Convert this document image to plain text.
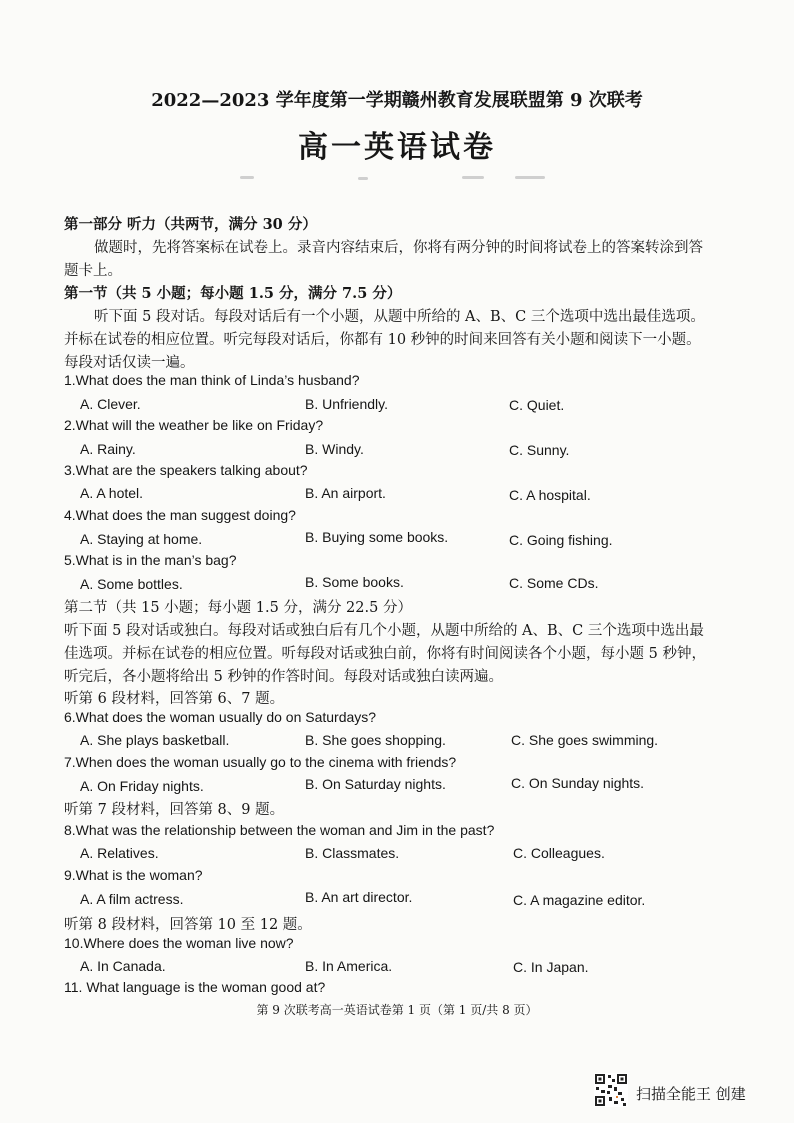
2022—2023 学年度第一学期赣州教育发展联盟第 9 次联考
高一英语试卷
第一部分 听力（共两节，满分 30 分）
做题时，先将答案标在试卷上。录音内容结束后，你将有两分钟的时间将试卷上的答案转涂到答
题卡上。
第一节（共 5 小题；每小题 1.5 分，满分 7.5 分）
听下面 5 段对话。每段对话后有一个小题，从题中所给的 A、B、C 三个选项中选出最佳选项。
并标在试卷的相应位置。听完每段对话后，你都有 10 秒钟的时间来回答有关小题和阅读下一小题。
每段对话仅读一遍。
1.What does the man think of Linda’s husband?
A. Clever.	B. Unfriendly.	C. Quiet.
2.What will the weather be like on Friday?
A. Rainy.	B. Windy.	C. Sunny.
3.What are the speakers talking about?
A. A hotel.	B. An airport.	C. A hospital.
4.What does the man suggest doing?
A. Staying at home.	B. Buying some books.	C. Going fishing.
5.What is in the man’s bag?
A. Some bottles.	B. Some books.	C. Some CDs.
第二节（共 15 小题；每小题 1.5 分，满分 22.5 分）
听下面 5 段对话或独白。每段对话或独白后有几个小题，从题中所给的 A、B、C 三个选项中选出最
佳选项。并标在试卷的相应位置。听每段对话或独白前，你将有时间阅读各个小题，每小题 5 秒钟，
听完后，各小题将给出 5 秒钟的作答时间。每段对话或独白读两遍。
听第 6 段材料，回答第 6、7 题。
6.What does the woman usually do on Saturdays?
A. She plays basketball.	B. She goes shopping.	C. She goes swimming.
7.When does the woman usually go to the cinema with friends?
A. On Friday nights.	B. On Saturday nights.	C. On Sunday nights.
听第 7 段材料，回答第 8、9 题。
8.What was the relationship between the woman and Jim in the past?
A. Relatives.	B. Classmates.	C. Colleagues.
9.What is the woman?
A. A film actress.	B. An art director.	C. A magazine editor.
听第 8 段材料，回答第 10 至 12 题。
10.Where does the woman live now?
A. In Canada.	B. In America.	C. In Japan.
11. What language is the woman good at?
第 9 次联考高一英语试卷第 1 页（第 1 页/共 8 页）
扫描全能王 创建
